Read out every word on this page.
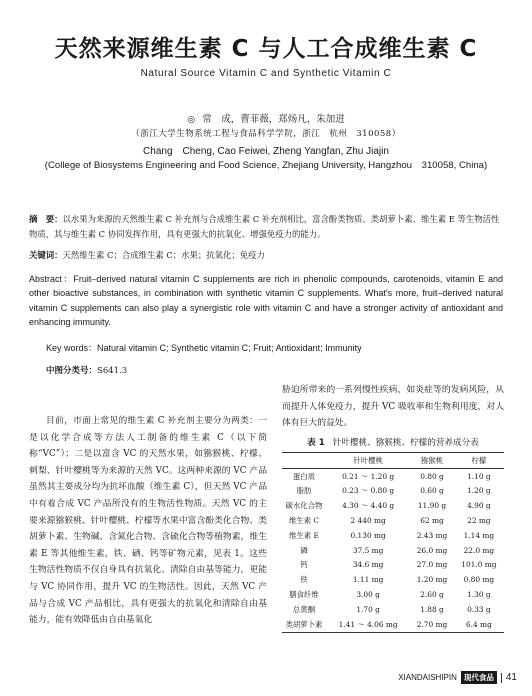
天然来源维生素 C 与人工合成维生素 C
Natural Source Vitamin C and Synthetic Vitamin C
◎ 常　成，曹菲薇，郑炀凡，朱加进
（浙江大学生物系统工程与食品科学学院，浙江　杭州　310058）
Chang　Cheng, Cao Feiwei, Zheng Yangfan, Zhu Jiajin
(College of Biosystems Engineering and Food Science, Zhejiang University, Hangzhou　310058, China)
摘　要：以水果为来源的天然维生素 C 补充剂与合成维生素 C 补充剂相比，富含酚类物质、类胡萝卜素、维生素 E 等生物活性物质，其与维生素 C 协同发挥作用，具有更强大的抗氧化、增强免疫力的能力。
关键词：天然维生素 C；合成维生素 C；水果；抗氧化；免疫力
Abstract：Fruit–derived natural vitamin C supplements are rich in phenolic compounds, carotenoids, vitamin E and other bioactive substances, in combination with synthetic vitamin C supplements. What′s more, fruit–derived natural vitamin C supplements can also play a synergistic role with vitamin C and have a stronger activity of antioxidant and enhancing immunity.
Key words：Natural vitamin C; Synthetic vitamin C; Fruit; Antioxidant; Immunity
中图分类号：S641.3
目前，市面上常见的维生素 C 补充剂主要分为两类：一是以化学合成等方法人工制备的维生素 C（以下简称“VC”）；二是以富含 VC 的天然水果，如猕猴桃、柠檬、刺梨、针叶樱桃等为来源的天然 VC。这两种来源的 VC 产品虽然其主要成分均为抗坏血酸（维生素 C），但天然 VC 产品中有着合成 VC 产品所没有的生物活性物质。天然 VC 的主要来源猕猴桃、针叶樱桃、柠檬等水果中富含酚类化合物、类胡萝卜素、生物碱、含氮化合物、含硫化合物等植物素，维生素 E 等其他维生素，铁、硒、钙等矿物元素，见表 1。这些生物活性物质不仅自身具有抗氧化、清除自由基等能力，更能与 VC 协同作用，提升 VC 的生物活性。因此，天然 VC 产品与合成 VC 产品相比，具有更强大的抗氧化和清除自由基能力，能有效降低由自由基氧化
胁迫所带来的一系列慢性疾病，如炎症等的发病风险，从而提升人体免疫力，提升 VC 吸收率和生物利用度，对人体有巨大的益处。
表 1 针叶樱桃、猕猴桃、柠檬的营养成分表
	针叶樱桃	猕猴桃	柠檬
蛋白质	0.21 ～ 1.20 g	0.80 g	1.10 g
脂肪	0.23 ～ 0.80 g	0.60 g	1.20 g
碳水化合物	4.30 ～ 4.40 g	11.90 g	4.90 g
维生素 C	2 440 mg	62 mg	22 mg
维生素 E	0.130 mg	2.43 mg	1.14 mg
磷	37.5 mg	26.0 mg	22.0 mg
钙	34.6 mg	27.0 mg	101.0 mg
铁	1.11 mg	1.20 mg	0.80 mg
膳食纤维	3.00 g	2.60 g	1.30 g
总黄酮	1.70 g	1.88 g	0.33 g
类胡萝卜素	1.41 ～ 4.06 mg	2.70 mg	6.4 mg
XIANDAISHIPIN 现代食品	41
